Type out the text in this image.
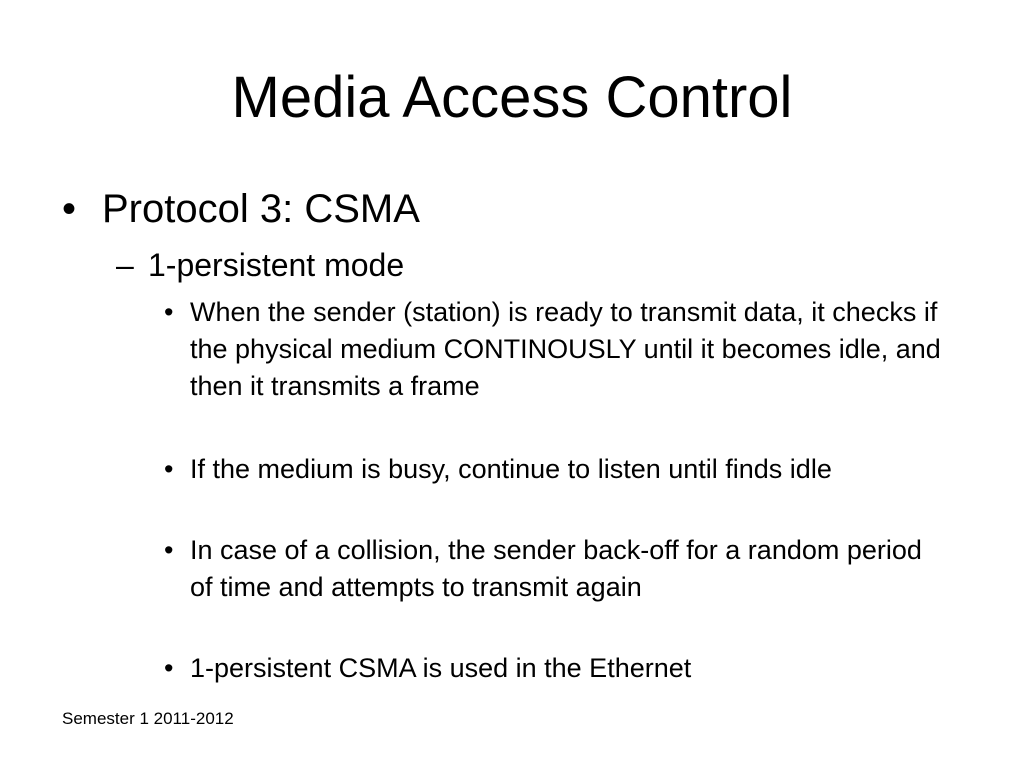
Media Access Control
• Protocol 3: CSMA
– 1-persistent mode
• When the sender (station) is ready to transmit data, it checks if the physical medium CONTINOUSLY until it becomes idle, and then it transmits a frame
• If the medium is busy, continue to listen until finds idle
• In case of a collision, the sender back-off for a random period of time and attempts to transmit again
• 1-persistent CSMA is used in the Ethernet
Semester 1 2011-2012
